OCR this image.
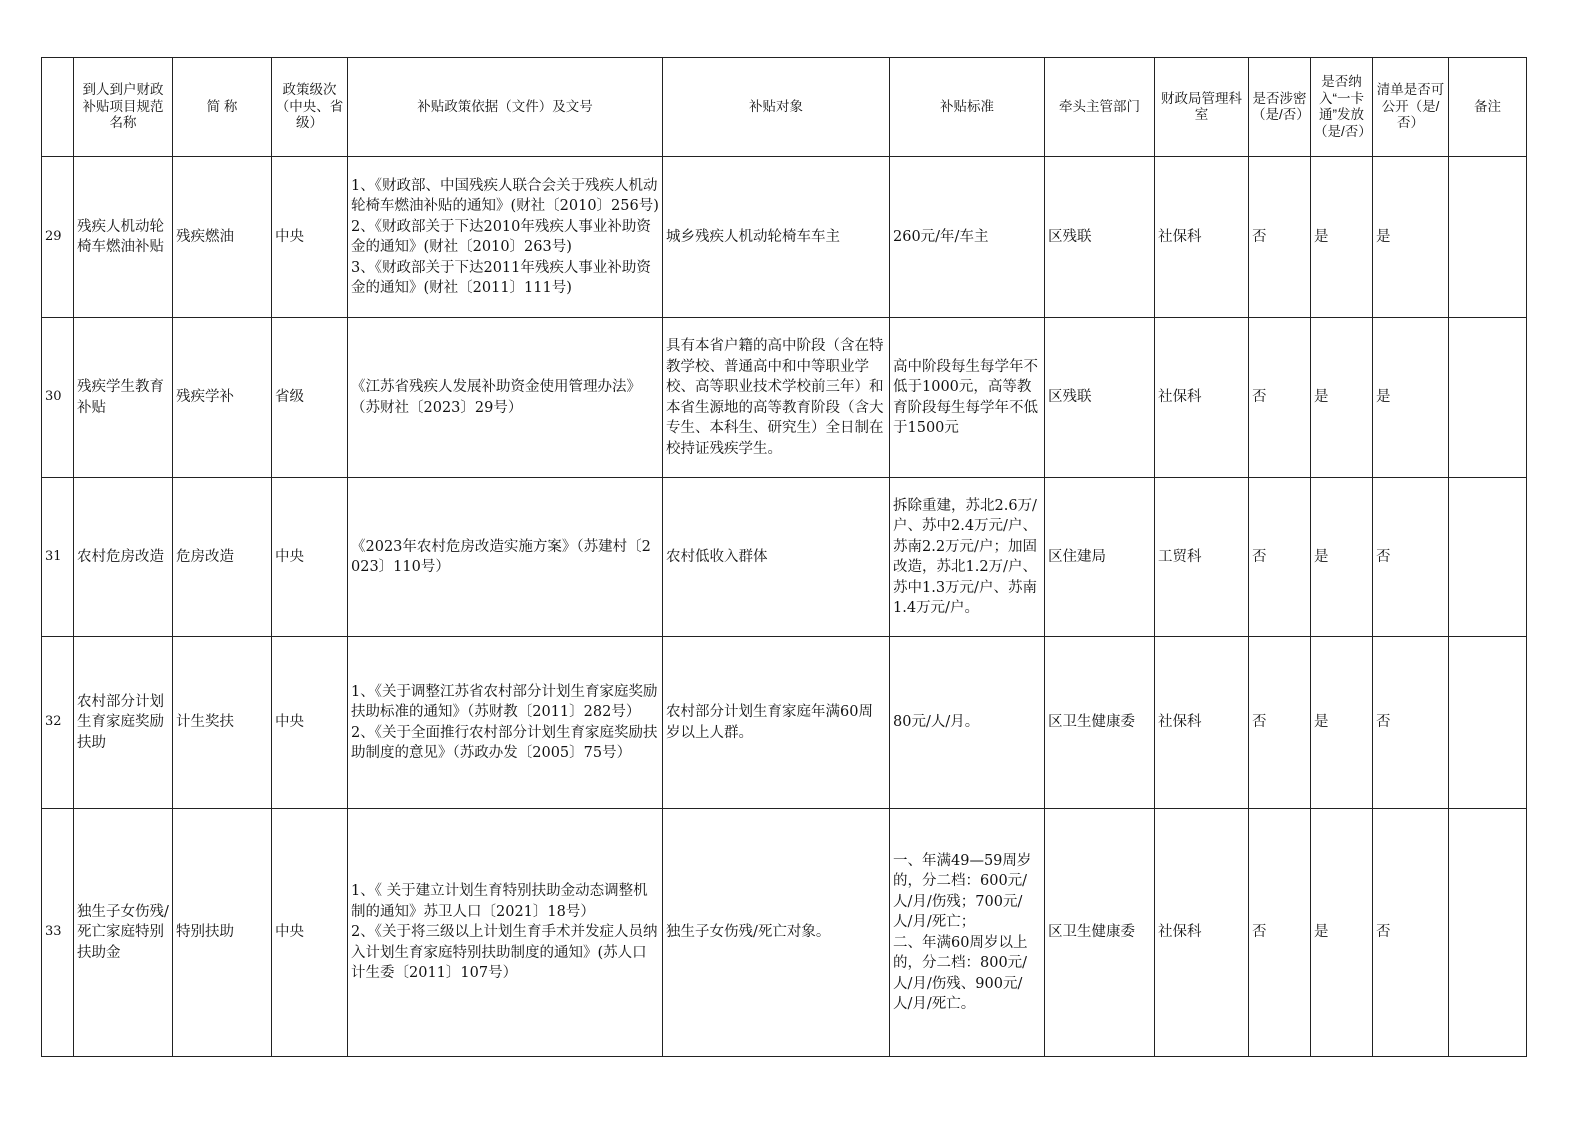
	到人到户财政补贴项目规范名称	简 称	政策级次（中央、省级）	补贴政策依据（文件）及文号	补贴对象	补贴标准	牵头主管部门	财政局管理科室	是否涉密（是/否）	是否纳入“一卡通”发放（是/否）	清单是否可公开（是/否）	备注
29	残疾人机动轮椅车燃油补贴	残疾燃油	中央	1、《财政部、中国残疾人联合会关于残疾人机动轮椅车燃油补贴的通知》(财社〔2010〕256号)
2、《财政部关于下达2010年残疾人事业补助资金的通知》(财社〔2010〕263号)
3、《财政部关于下达2011年残疾人事业补助资金的通知》(财社〔2011〕111号)	城乡残疾人机动轮椅车车主	260元/年/车主	区残联	社保科	否	是	是	
30	残疾学生教育补贴	残疾学补	省级	《江苏省残疾人发展补助资金使用管理办法》（苏财社〔2023〕29号）	具有本省户籍的高中阶段（含在特教学校、普通高中和中等职业学校、高等职业技术学校前三年）和本省生源地的高等教育阶段（含大专生、本科生、研究生）全日制在校持证残疾学生。	高中阶段每生每学年不低于1000元，高等教育阶段每生每学年不低于1500元	区残联	社保科	否	是	是	
31	农村危房改造	危房改造	中央	《2023年农村危房改造实施方案》（苏建村〔2023〕110号）	农村低收入群体	拆除重建，苏北2.6万/户、苏中2.4万元/户、苏南2.2万元/户；加固改造，苏北1.2万/户、苏中1.3万元/户、苏南1.4万元/户。	区住建局	工贸科	否	是	否	
32	农村部分计划生育家庭奖励扶助	计生奖扶	中央	1、《关于调整江苏省农村部分计划生育家庭奖励扶助标准的通知》（苏财教〔2011〕282号）
2、《关于全面推行农村部分计划生育家庭奖励扶助制度的意见》（苏政办发〔2005〕75号）	农村部分计划生育家庭年满60周岁以上人群。	80元/人/月。	区卫生健康委	社保科	否	是	否	
33	独生子女伤残/死亡家庭特别扶助金	特别扶助	中央	1、《 关于建立计划生育特别扶助金动态调整机制的通知》苏卫人口〔2021〕18号）
2、《关于将三级以上计划生育手术并发症人员纳入计划生育家庭特别扶助制度的通知》(苏人口计生委〔2011〕107号）	独生子女伤残/死亡对象。	一、年满49—59周岁的，分二档：600元/人/月/伤残；700元/人/月/死亡；
二、年满60周岁以上的，分二档：800元/人/月/伤残、900元/人/月/死亡。	区卫生健康委	社保科	否	是	否	
